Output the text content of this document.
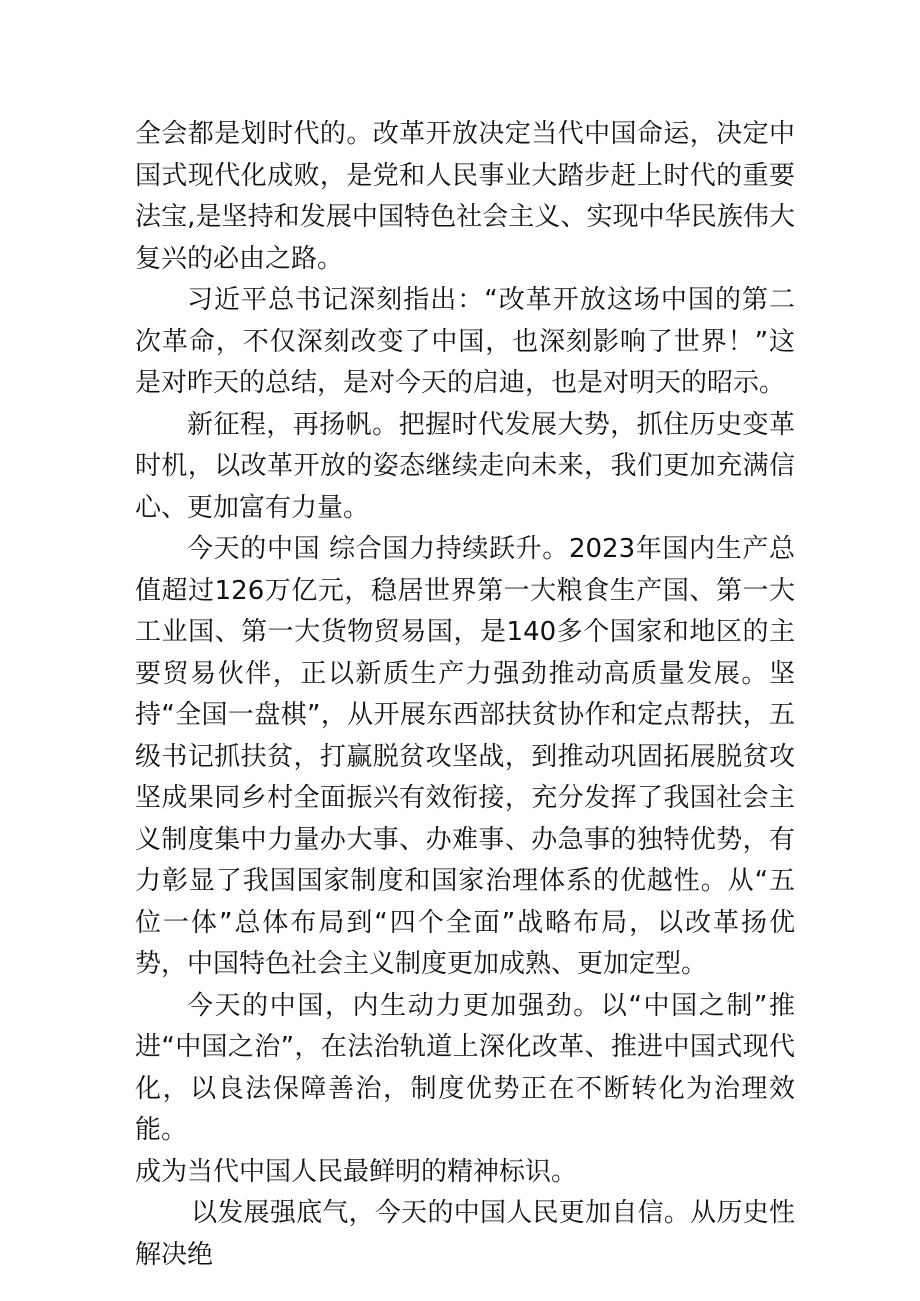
全会都是划时代的。改革开放决定当代中国命运，决定中国式现代化成败，是党和人民事业大踏步赶上时代的重要法宝,是坚持和发展中国特色社会主义、实现中华民族伟大复兴的必由之路。

习近平总书记深刻指出：“改革开放这场中国的第二次革命，不仅深刻改变了中国，也深刻影响了世界！”这是对昨天的总结，是对今天的启迪，也是对明天的昭示。

新征程，再扬帆。把握时代发展大势，抓住历史变革时机，以改革开放的姿态继续走向未来，我们更加充满信心、更加富有力量。

今天的中国 综合国力持续跃升。2023年国内生产总值超过126万亿元，稳居世界第一大粮食生产国、第一大工业国、第一大货物贸易国，是140多个国家和地区的主要贸易伙伴，正以新质生产力强劲推动高质量发展。坚持“全国一盘棋”，从开展东西部扶贫协作和定点帮扶，五级书记抓扶贫，打赢脱贫攻坚战，到推动巩固拓展脱贫攻坚成果同乡村全面振兴有效衔接，充分发挥了我国社会主义制度集中力量办大事、办难事、办急事的独特优势，有力彰显了我国国家制度和国家治理体系的优越性。从“五位一体”总体布局到“四个全面”战略布局，以改革扬优势，中国特色社会主义制度更加成熟、更加定型。

今天的中国，内生动力更加强劲。以“中国之制”推进“中国之治”，在法治轨道上深化改革、推进中国式现代化，以良法保障善治，制度优势正在不断转化为治理效能。

成为当代中国人民最鲜明的精神标识。

以发展强底气，今天的中国人民更加自信。从历史性解决绝
